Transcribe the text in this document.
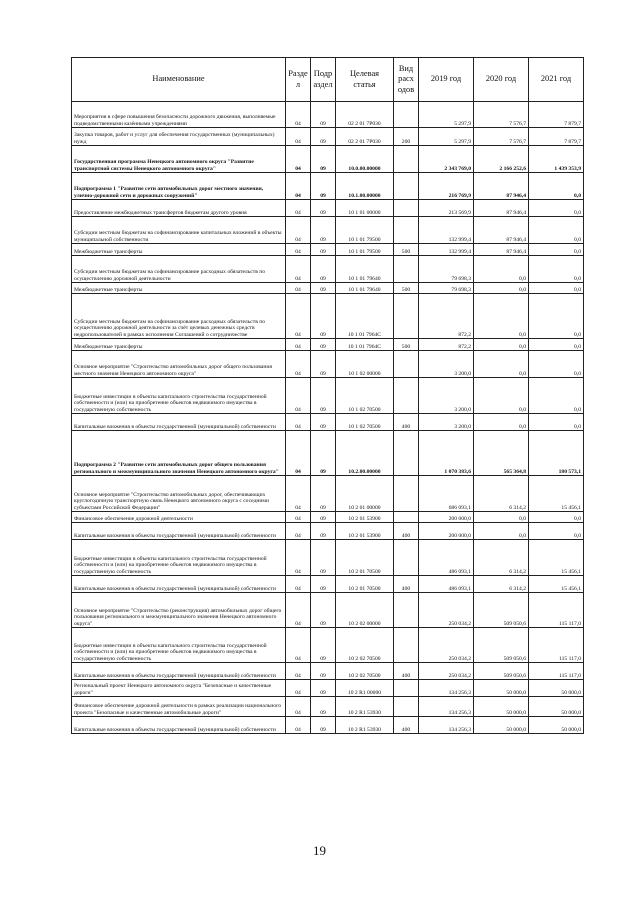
Наименование	Разде л	Подр аздел	Целевая статья	Вид расх одов	2019 год	2020 год	2021 год
Мероприятия в сфере повышения безопасности дорожного движения, выполняемые подведомственными казёнными учреждениями	04	09	02 2 01 7Р030		5 297,9	7 576,7	7 879,7
Закупка товаров, работ и услуг для обеспечения государственных (муниципальных) нужд	04	09	02 2 01 7Р030	200	5 297,9	7 576,7	7 879,7
Государственная программа Ненецкого автономного округа "Развитие транспортной системы Ненецкого автономного округа"	04	09	10.0.00.00000		2 343 769,0	2 166 252,6	1 439 353,9
Подпрограмма 1 "Развитие сети автомобильных дорог местного значения, улично-дорожной сети и дорожных сооружений"	04	09	10.1.00.00000		216 769,9	87 946,4	0,0
Предоставление межбюджетных трансфертов бюджетам другого уровня	04	09	10 1 01 00000		213 569,9	87 946,4	0,0
Субсидии местным бюджетам на софинансирование капитальных вложений в объекты муниципальной собственности	04	09	10 1 01 79500		132 999,4	87 946,4	0,0
Межбюджетные трансферты	04	09	10 1 01 79500	500	132 999,4	87 946,4	0,0
Субсидии местным бюджетам на софинансирование расходных обязательств по осуществлению дорожной деятельности	04	09	10 1 01 79640		79 698,3	0,0	0,0
Межбюджетные трансферты	04	09	10 1 01 79640	500	79 698,3	0,0	0,0
Субсидии местным бюджетам на софинансирование расходных обязательств по осуществлению дорожной деятельности за счёт целевых денежных средств недропользователей в рамках исполнения Соглашений о сотрудничестве	04	09	10 1 01 7964С		872,2	0,0	0,0
Межбюджетные трансферты	04	09	10 1 01 7964С	500	872,2	0,0	0,0
Основное мероприятие "Строительство автомобильных дорог общего пользования местного значения Ненецкого автономного округа"	04	09	10 1 02 00000		3 200,0	0,0	0,0
Бюджетные инвестиции в объекты капитального строительства государственной собственности и (или) на приобретение объектов недвижимого имущества в государственную собственность	04	09	10 1 02 70500		3 200,0	0,0	0,0
Капитальные вложения в объекты государственной (муниципальной) собственности	04	09	10 1 02 70500	400	3 200,0	0,0	0,0
Подпрограмма 2 "Развитие сети автомобильных дорог общего пользования регионального и межмуниципального значения Ненецкого автономного округа"	04	09	10.2.00.00000		1 070 383,6	565 364,8	180 573,1
Основное мероприятие "Строительство автомобильных дорог, обеспечивающих круглогодичную транспортную связь Ненецкого автономного округа с соседними субъектами Российской Федерации"	04	09	10 2 01 00000		686 093,1	6 314,2	15 456,1
Финансовое обеспечение дорожной деятельности	04	09	10 2 01 53900		200 000,0	0,0	0,0
Капитальные вложения в объекты государственной (муниципальной) собственности	04	09	10 2 01 53900	400	200 000,0	0,0	0,0
Бюджетные инвестиции в объекты капитального строительства государственной собственности и (или) на приобретение объектов недвижимого имущества в государственную собственность	04	09	10 2 01 70500		486 093,1	6 314,2	15 456,1
Капитальные вложения в объекты государственной (муниципальной) собственности	04	09	10 2 01 70500	400	486 093,1	6 314,2	15 456,1
Основное мероприятие "Строительство (реконструкция) автомобильных дорог общего пользования регионального и межмуниципального значения Ненецкого автономного округа"	04	09	10 2 02 00000		250 034,2	509 050,6	115 117,0
Бюджетные инвестиции в объекты капитального строительства государственной собственности и (или) на приобретение объектов недвижимого имущества в государственную собственность	04	09	10 2 02 70500		250 034,2	509 050,6	115 117,0
Капитальные вложения в объекты государственной (муниципальной) собственности	04	09	10 2 02 70500	400	250 034,2	509 050,6	115 117,0
Региональный проект Ненецкого автономного округа "Безопасные и качественные дороги"	04	09	10 2 R1 00000		134 256,3	50 000,0	50 000,0
Финансовое обеспечение дорожной деятельности в рамках реализации национального проекта "Безопасные и качественные автомобильные дороги"	04	09	10 2 R1 53930		134 256,3	50 000,0	50 000,0
Капитальные вложения в объекты государственной (муниципальной) собственности	04	09	10 2 R1 53930	400	134 256,3	50 000,0	50 000,0
19
